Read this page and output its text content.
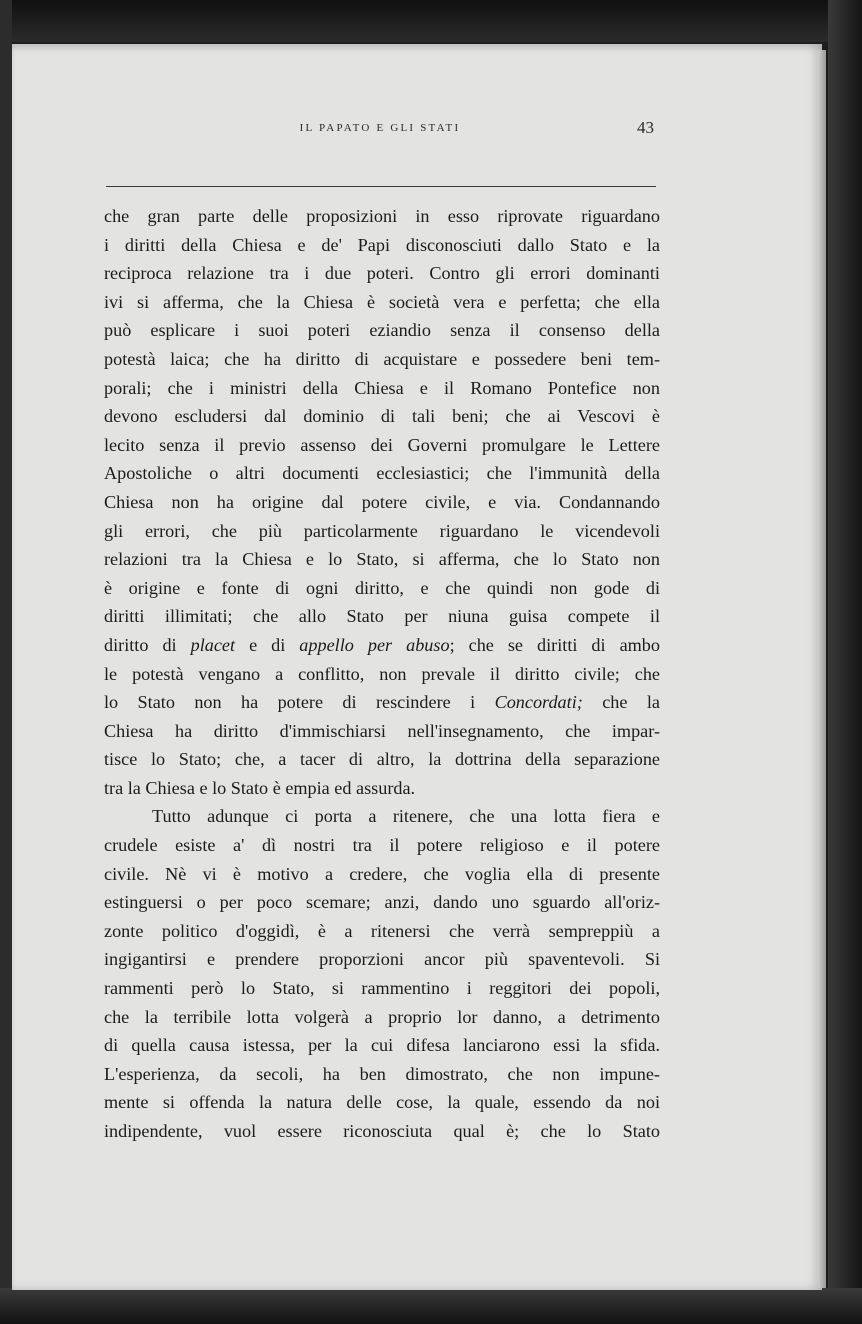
IL PAPATO E GLI STATI	43
che gran parte delle proposizioni in esso riprovate riguardano
i diritti della Chiesa e de' Papi disconosciuti dallo Stato e la
reciproca relazione tra i due poteri. Contro gli errori dominanti
ivi si afferma, che la Chiesa è società vera e perfetta; che ella
può esplicare i suoi poteri eziandio senza il consenso della
potestà laica; che ha diritto di acquistare e possedere beni tem-
porali; che i ministri della Chiesa e il Romano Pontefice non
devono escludersi dal dominio di tali beni; che ai Vescovi è
lecito senza il previo assenso dei Governi promulgare le Lettere
Apostoliche o altri documenti ecclesiastici; che l'immunità della
Chiesa non ha origine dal potere civile, e via. Condannando
gli errori, che più particolarmente riguardano le vicendevoli
relazioni tra la Chiesa e lo Stato, si afferma, che lo Stato non
è origine e fonte di ogni diritto, e che quindi non gode di
diritti illimitati; che allo Stato per niuna guisa compete il
diritto di placet e di appello per abuso; che se diritti di ambo
le potestà vengano a conflitto, non prevale il diritto civile; che
lo Stato non ha potere di rescindere i Concordati; che la
Chiesa ha diritto d'immischiarsi nell'insegnamento, che impar-
tisce lo Stato; che, a tacer di altro, la dottrina della separazione
tra la Chiesa e lo Stato è empia ed assurda.
Tutto adunque ci porta a ritenere, che una lotta fiera e
crudele esiste a' dì nostri tra il potere religioso e il potere
civile. Nè vi è motivo a credere, che voglia ella di presente
estinguersi o per poco scemare; anzi, dando uno sguardo all'oriz-
zonte politico d'oggidì, è a ritenersi che verrà sempreppiù a
ingigantirsi e prendere proporzioni ancor più spaventevoli. Si
rammenti però lo Stato, si rammentino i reggitori dei popoli,
che la terribile lotta volgerà a proprio lor danno, a detrimento
di quella causa istessa, per la cui difesa lanciarono essi la sfida.
L'esperienza, da secoli, ha ben dimostrato, che non impune-
mente si offenda la natura delle cose, la quale, essendo da noi
indipendente, vuol essere riconosciuta qual è; che lo Stato
